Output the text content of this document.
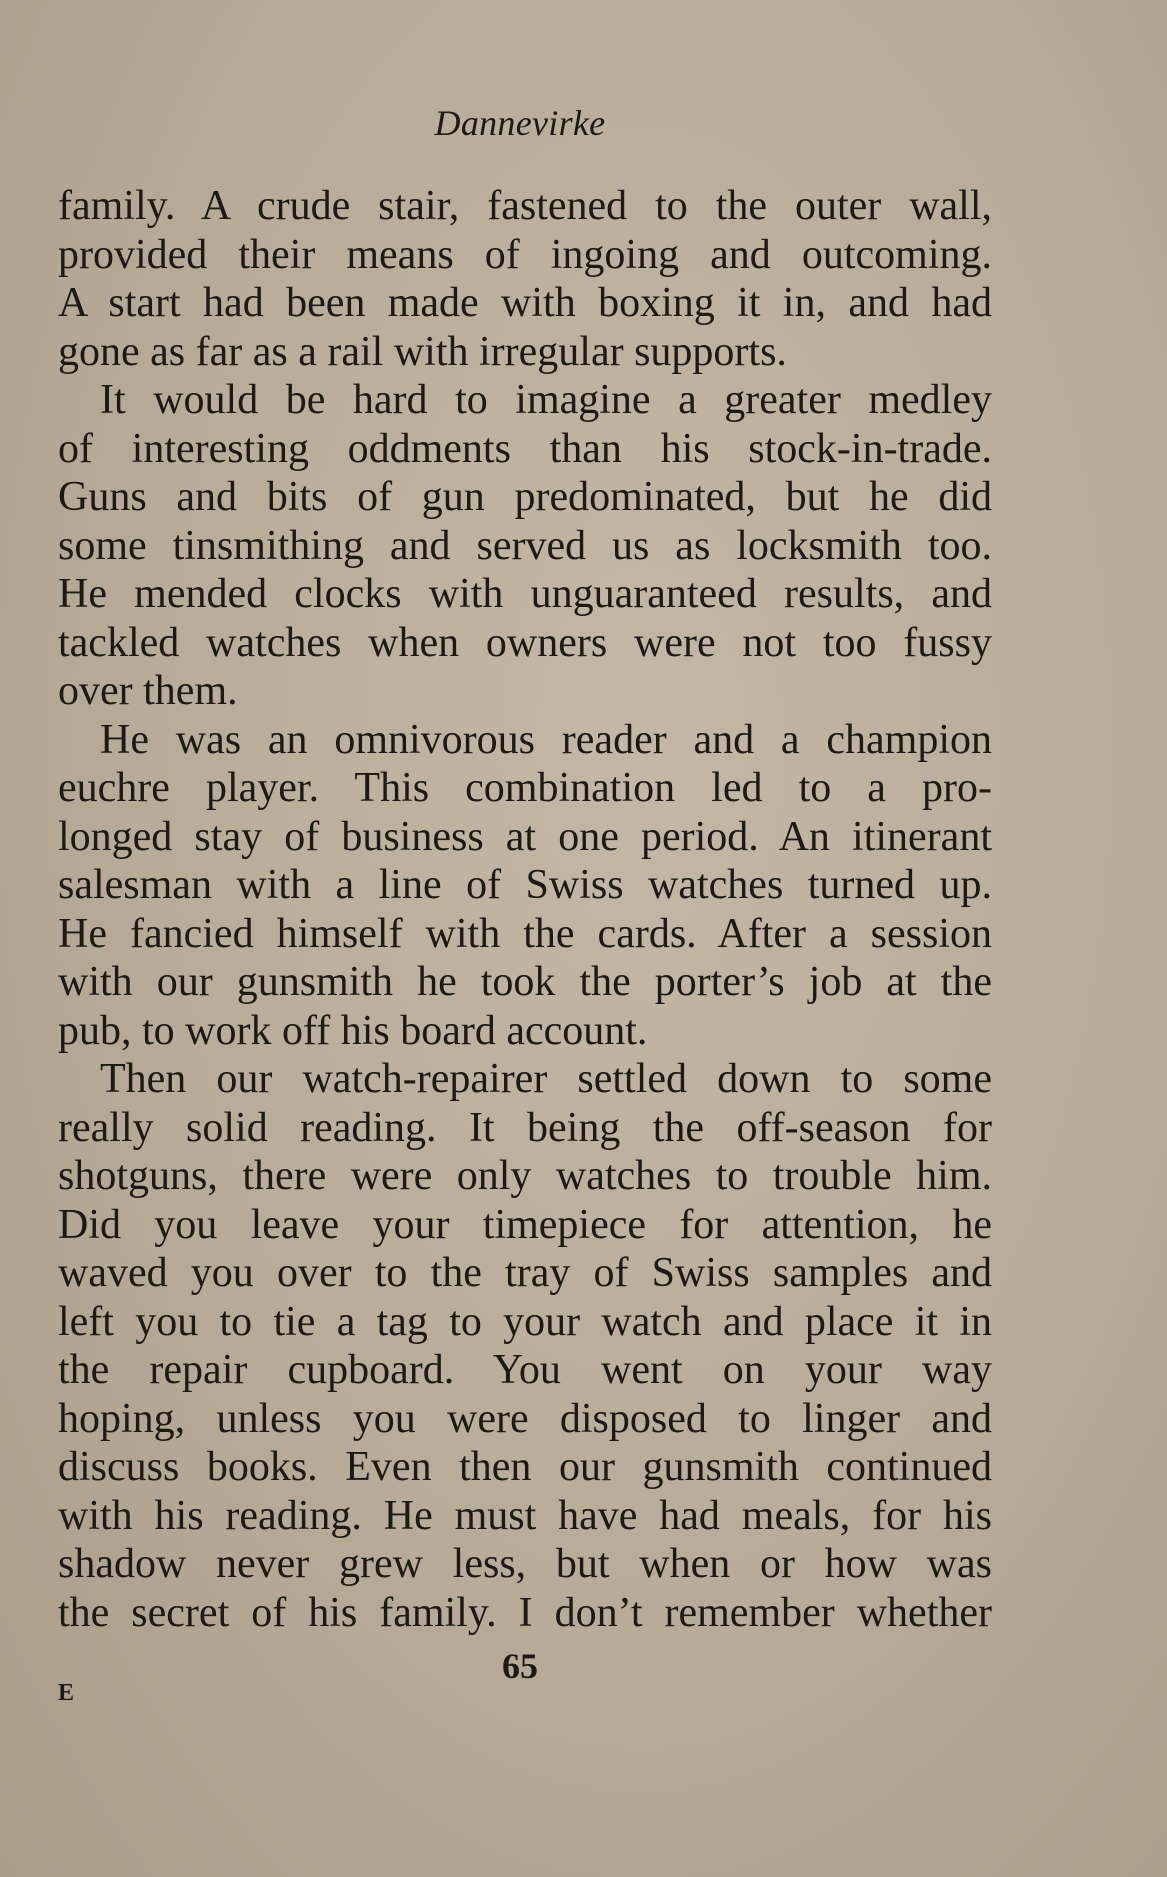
Dannevirke
family. A crude stair, fastened to the outer wall,
provided their means of ingoing and outcoming.
A start had been made with boxing it in, and had
gone as far as a rail with irregular supports.
It would be hard to imagine a greater medley
of interesting oddments than his stock-in-trade.
Guns and bits of gun predominated, but he did
some tinsmithing and served us as locksmith too.
He mended clocks with unguaranteed results, and
tackled watches when owners were not too fussy
over them.
He was an omnivorous reader and a champion
euchre player. This combination led to a pro-
longed stay of business at one period. An itinerant
salesman with a line of Swiss watches turned up.
He fancied himself with the cards. After a session
with our gunsmith he took the porter’s job at the
pub, to work off his board account.
Then our watch-repairer settled down to some
really solid reading. It being the off-season for
shotguns, there were only watches to trouble him.
Did you leave your timepiece for attention, he
waved you over to the tray of Swiss samples and
left you to tie a tag to your watch and place it in
the repair cupboard. You went on your way
hoping, unless you were disposed to linger and
discuss books. Even then our gunsmith continued
with his reading. He must have had meals, for his
shadow never grew less, but when or how was
the secret of his family. I don’t remember whether
65
E
